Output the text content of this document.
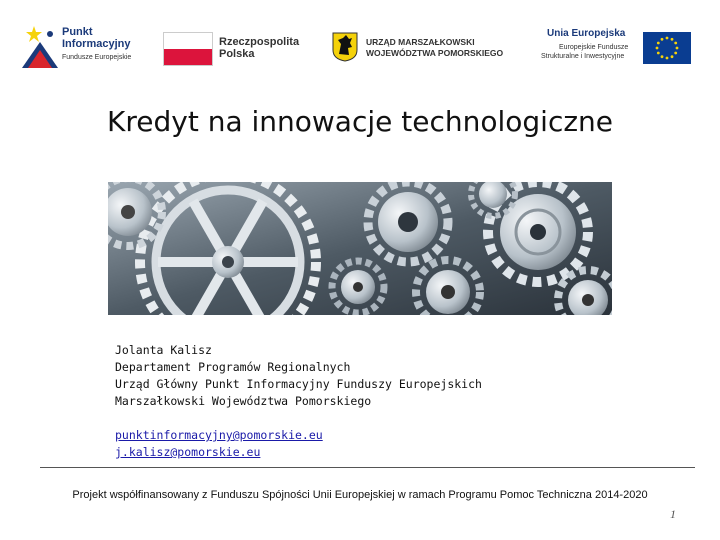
Punkt
Informacyjny
Fundusze Europejskie
Rzeczpospolita
Polska
URZĄD MARSZAŁKOWSKI
WOJEWÓDZTWA POMORSKIEGO
Unia Europejska
Europejskie Fundusze
Strukturalne i Inwestycyjne
Kredyt na innowacje technologiczne
Jolanta Kalisz
Departament Programów Regionalnych
Urząd Główny Punkt Informacyjny Funduszy Europejskich
Marszałkowski Województwa Pomorskiego
punktinformacyjny@pomorskie.eu
j.kalisz@pomorskie.eu
Projekt współfinansowany z Funduszu Spójności Unii Europejskiej w ramach Programu Pomoc Techniczna 2014-2020
1
